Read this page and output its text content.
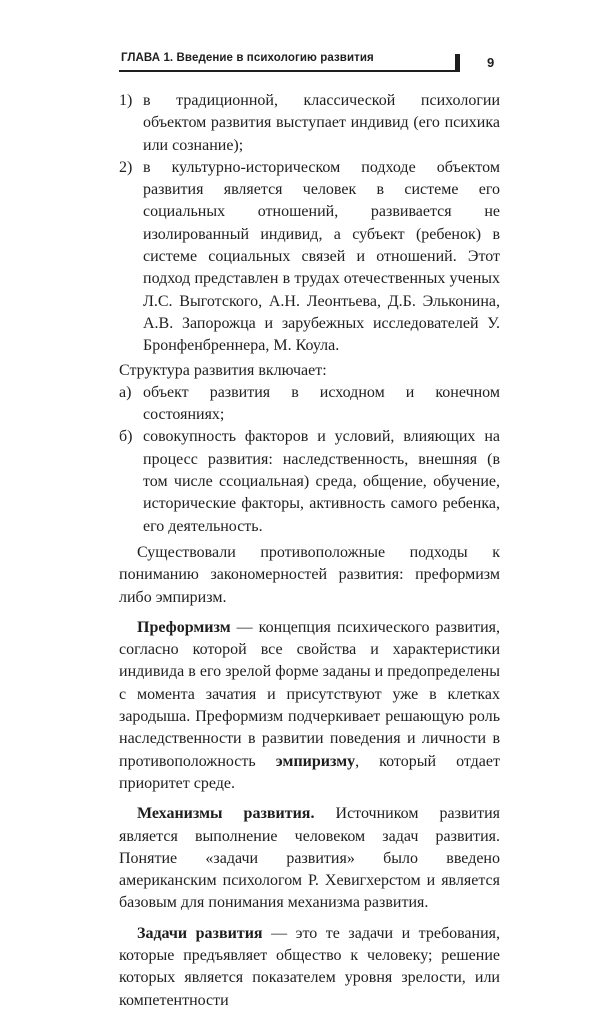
ГЛАВА 1. Введение в психологию развития	9
1) в традиционной, классической психологии объектом развития выступает индивид (его психика или сознание);
2) в культурно-историческом подходе объектом развития является человек в системе его социальных отношений, развивается не изолированный индивид, а субъект (ребенок) в системе социальных связей и отношений. Этот подход представлен в трудах отечественных ученых Л.С. Выготского, А.Н. Леонтьева, Д.Б. Эльконина, А.В. Запорожца и зарубежных исследователей У. Бронфенбреннера, М. Коула.
Структура развития включает:
а) объект развития в исходном и конечном состояниях;
б) совокупность факторов и условий, влияющих на процесс развития: наследственность, внешняя (в том числе ссоциальная) среда, общение, обучение, исторические факторы, активность самого ребенка, его деятельность.
Существовали противоположные подходы к пониманию закономерностей развития: преформизм либо эмпиризм.
Преформизм — концепция психического развития, согласно которой все свойства и характеристики индивида в его зрелой форме заданы и предопределены с момента зачатия и присутствуют уже в клетках зародыша. Преформизм подчеркивает решающую роль наследственности в развитии поведения и личности в противоположность эмпиризму, который отдает приоритет среде.
Механизмы развития. Источником развития является выполнение человеком задач развития. Понятие «задачи развития» было введено американским психологом Р. Хевигхерстом и является базовым для понимания механизма развития.
Задачи развития — это те задачи и требования, которые предъявляет общество к человеку; решение которых является показателем уровня зрелости, или компетентности
